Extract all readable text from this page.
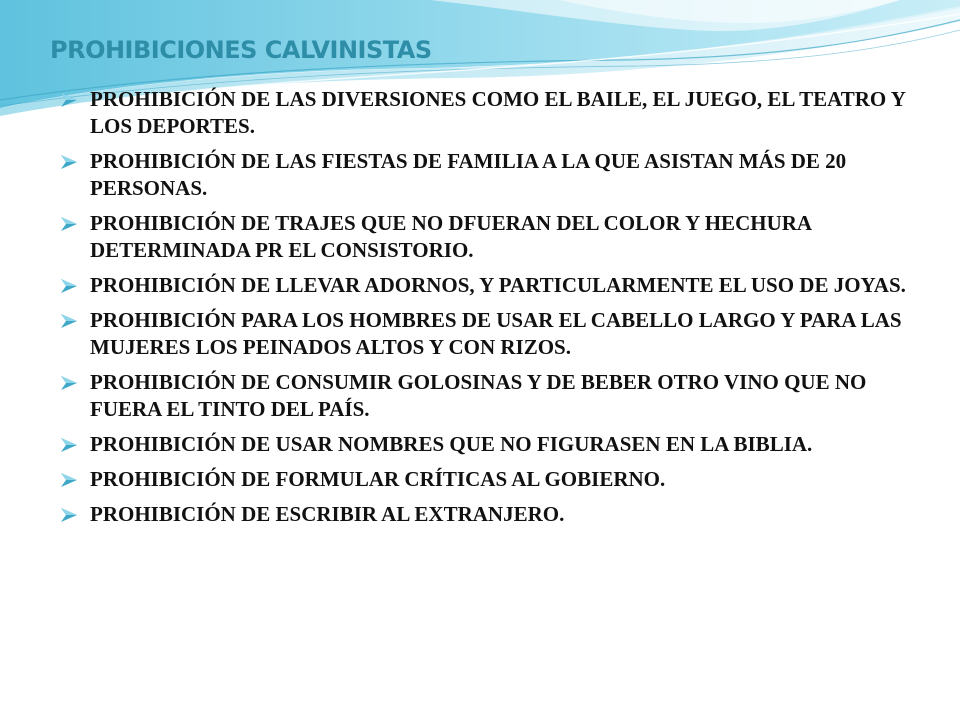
PROHIBICIONES CALVINISTAS
PROHIBICIÓN DE LAS DIVERSIONES COMO EL BAILE, EL JUEGO, EL TEATRO Y LOS DEPORTES.
PROHIBICIÓN DE LAS FIESTAS DE FAMILIA A LA QUE ASISTAN MÁS DE 20 PERSONAS.
PROHIBICIÓN DE TRAJES QUE NO DFUERAN DEL COLOR Y HECHURA DETERMINADA PR EL CONSISTORIO.
PROHIBICIÓN DE LLEVAR ADORNOS, Y PARTICULARMENTE EL USO DE JOYAS.
PROHIBICIÓN PARA LOS HOMBRES DE USAR EL CABELLO LARGO Y PARA LAS MUJERES LOS PEINADOS ALTOS Y CON RIZOS.
PROHIBICIÓN DE CONSUMIR GOLOSINAS Y DE BEBER OTRO VINO QUE NO FUERA EL TINTO DEL PAÍS.
PROHIBICIÓN DE USAR NOMBRES QUE NO FIGURASEN EN LA BIBLIA.
PROHIBICIÓN DE FORMULAR CRÍTICAS AL GOBIERNO.
PROHIBICIÓN DE ESCRIBIR AL EXTRANJERO.
